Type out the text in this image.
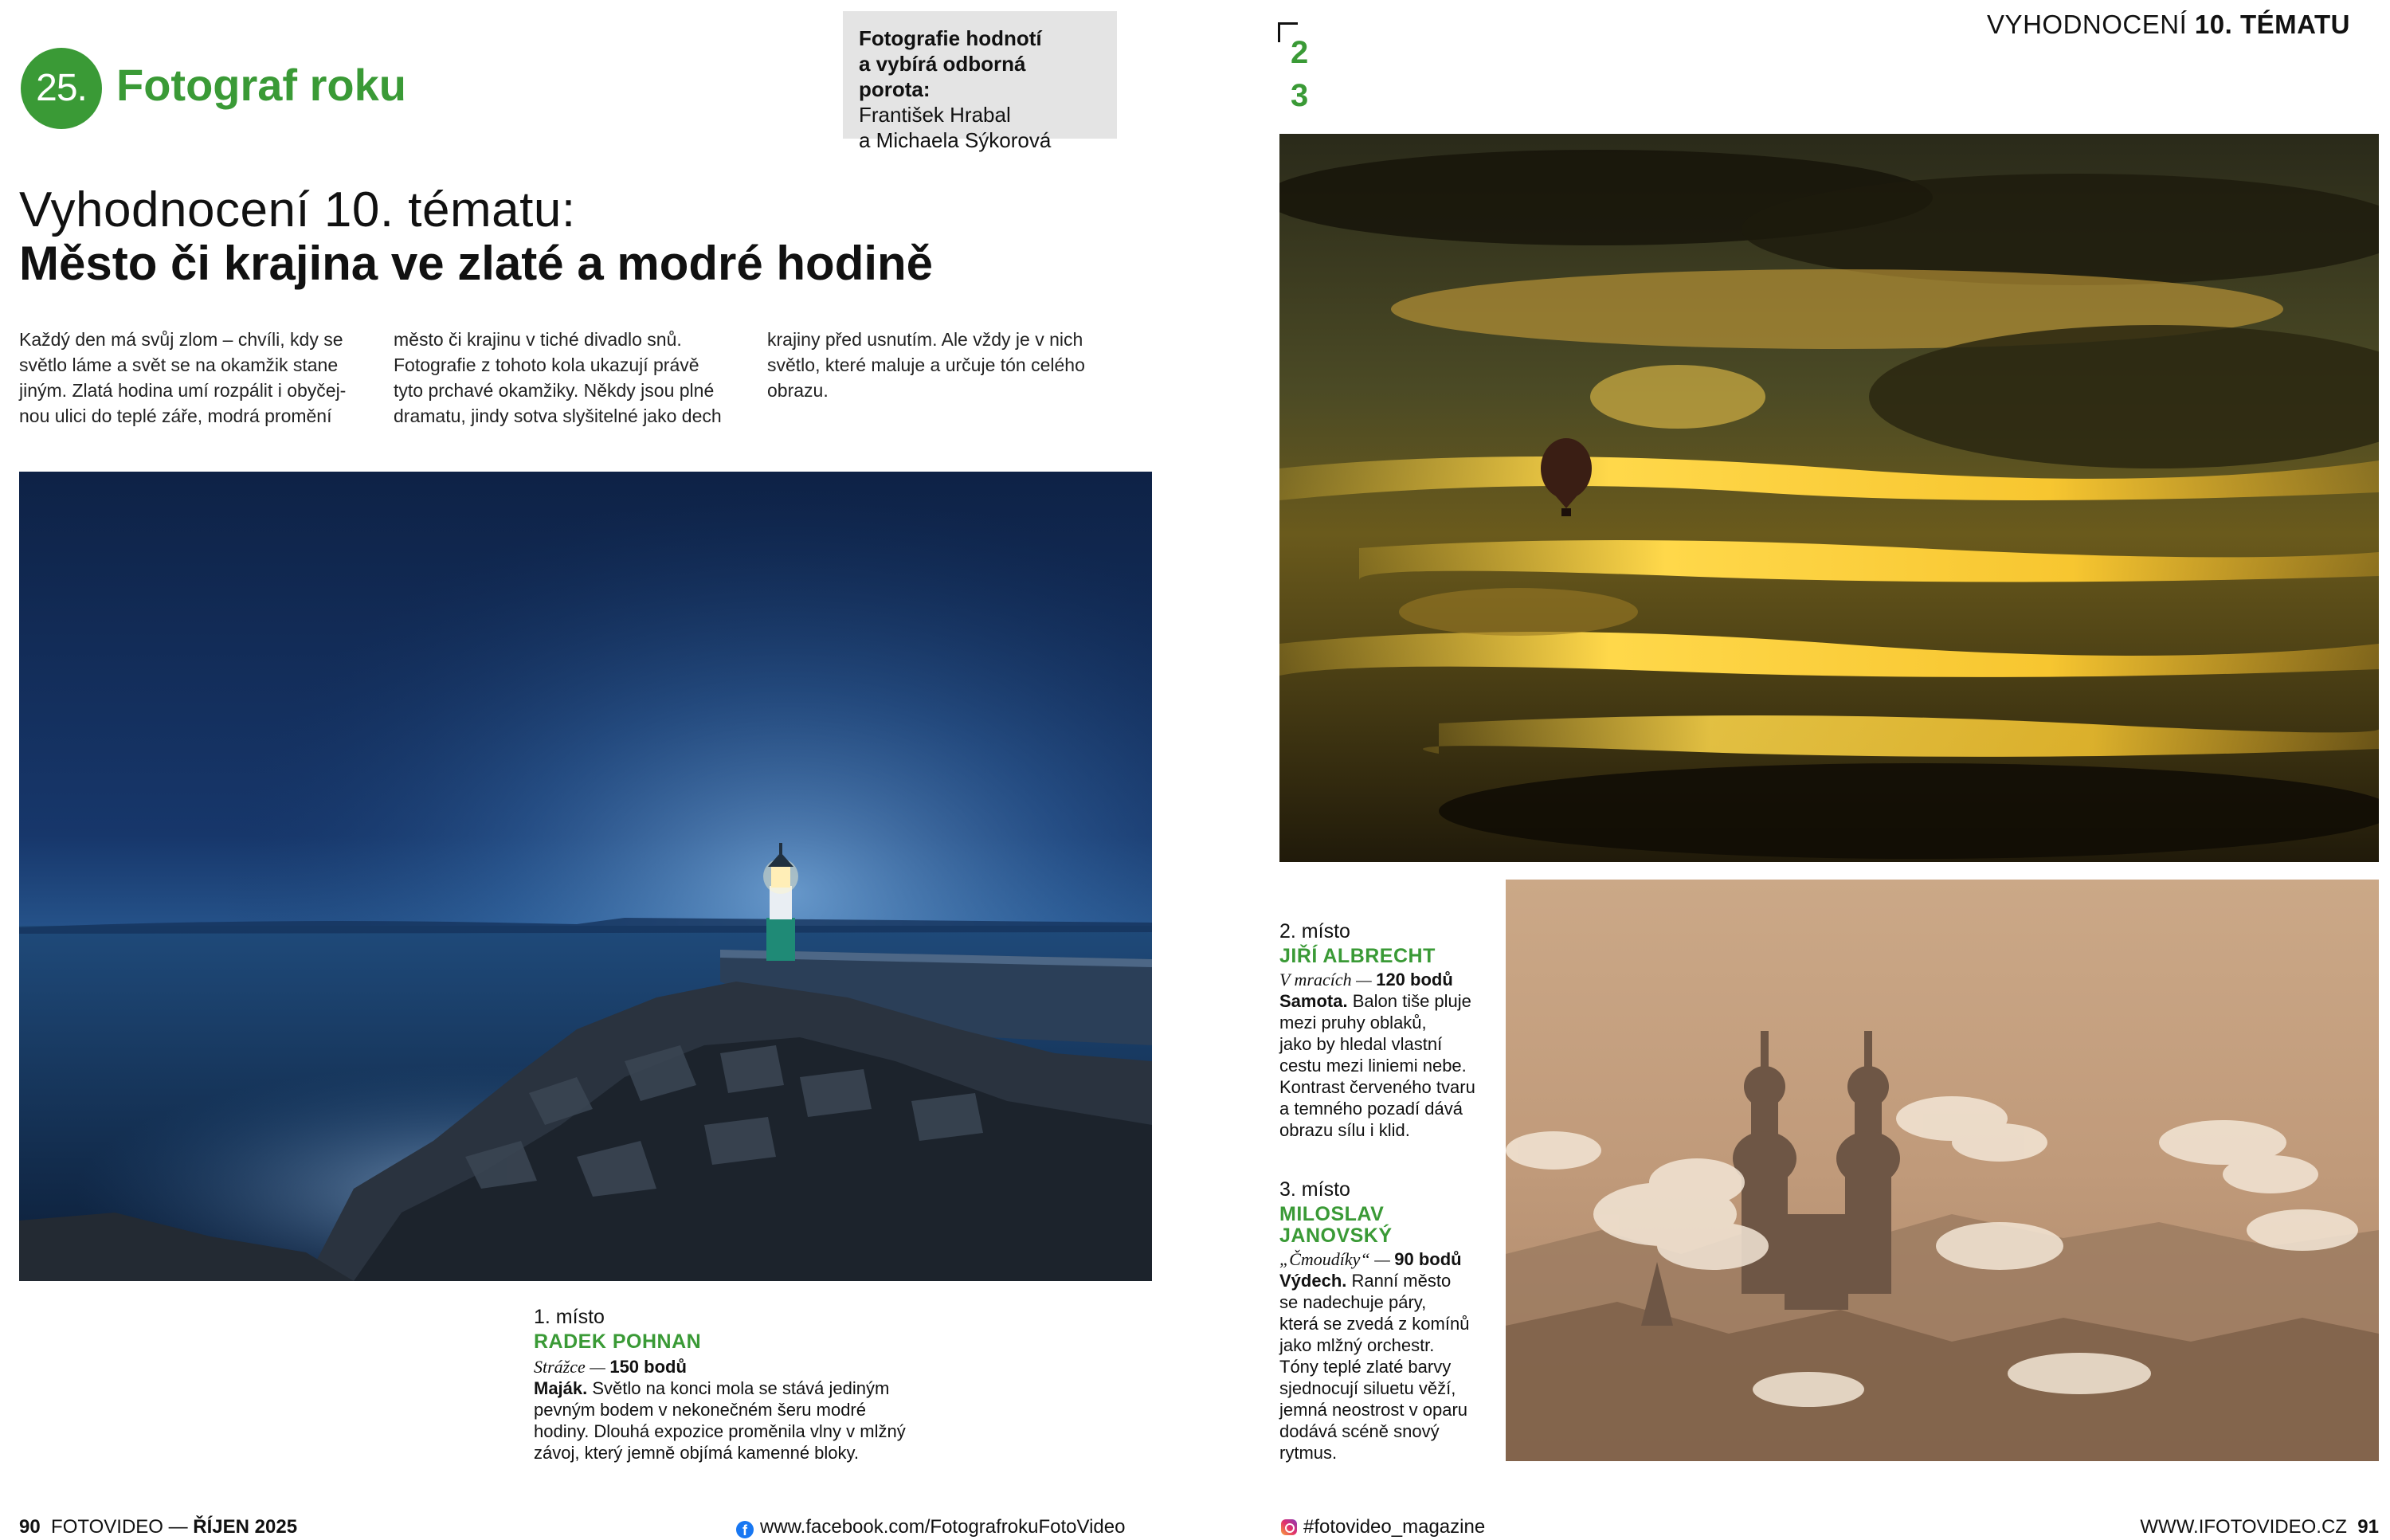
25. Fotograf roku
Fotografie hodnotí
a vybírá odborná porota:
František Hrabal
a Michaela Sýkorová
Vyhodnocení 10. tématu:
Město či krajina ve zlaté a modré hodině
Každý den má svůj zlom – chvíli, kdy se
světlo láme a svět se na okamžik stane
jiným. Zlatá hodina umí rozpálit i obyčej-
nou ulici do teplé záře, modrá promění
město či krajinu v tiché divadlo snů.
Fotografie z tohoto kola ukazují právě
tyto prchavé okamžiky. Někdy jsou plné
dramatu, jindy sotva slyšitelné jako dech
krajiny před usnutím. Ale vždy je v nich
světlo, které maluje a určuje tón celého
obrazu.
1. místo
RADEK POHNAN
Strážce — 150 bodů
Maják. Světlo na konci mola se stává jediným
pevným bodem v nekonečném šeru modré
hodiny. Dlouhá expozice proměnila vlny v mlžný
závoj, který jemně objímá kamenné bloky.
VYHODNOCENÍ 10. TÉMATU
2
3
2. místo
JIŘÍ ALBRECHT
V mracích — 120 bodů
Samota. Balon tiše pluje
mezi pruhy oblaků,
jako by hledal vlastní
cestu mezi liniemi nebe.
Kontrast červeného tvaru
a temného pozadí dává
obrazu sílu i klid.
3. místo
MILOSLAV
JANOVSKÝ
„Čmoudíky“ — 90 bodů
Výdech. Ranní město
se nadechuje páry,
která se zvedá z komínů
jako mlžný orchestr.
Tóny teplé zlaté barvy
sjednocují siluetu věží,
jemná neostrost v oparu
dodává scéně snový
rytmus.
90 FOTOVIDEO — ŘÍJEN 2025	f www.facebook.com/FotografrokuFotoVideo	#fotovideo_magazine	WWW.IFOTOVIDEO.CZ 91
